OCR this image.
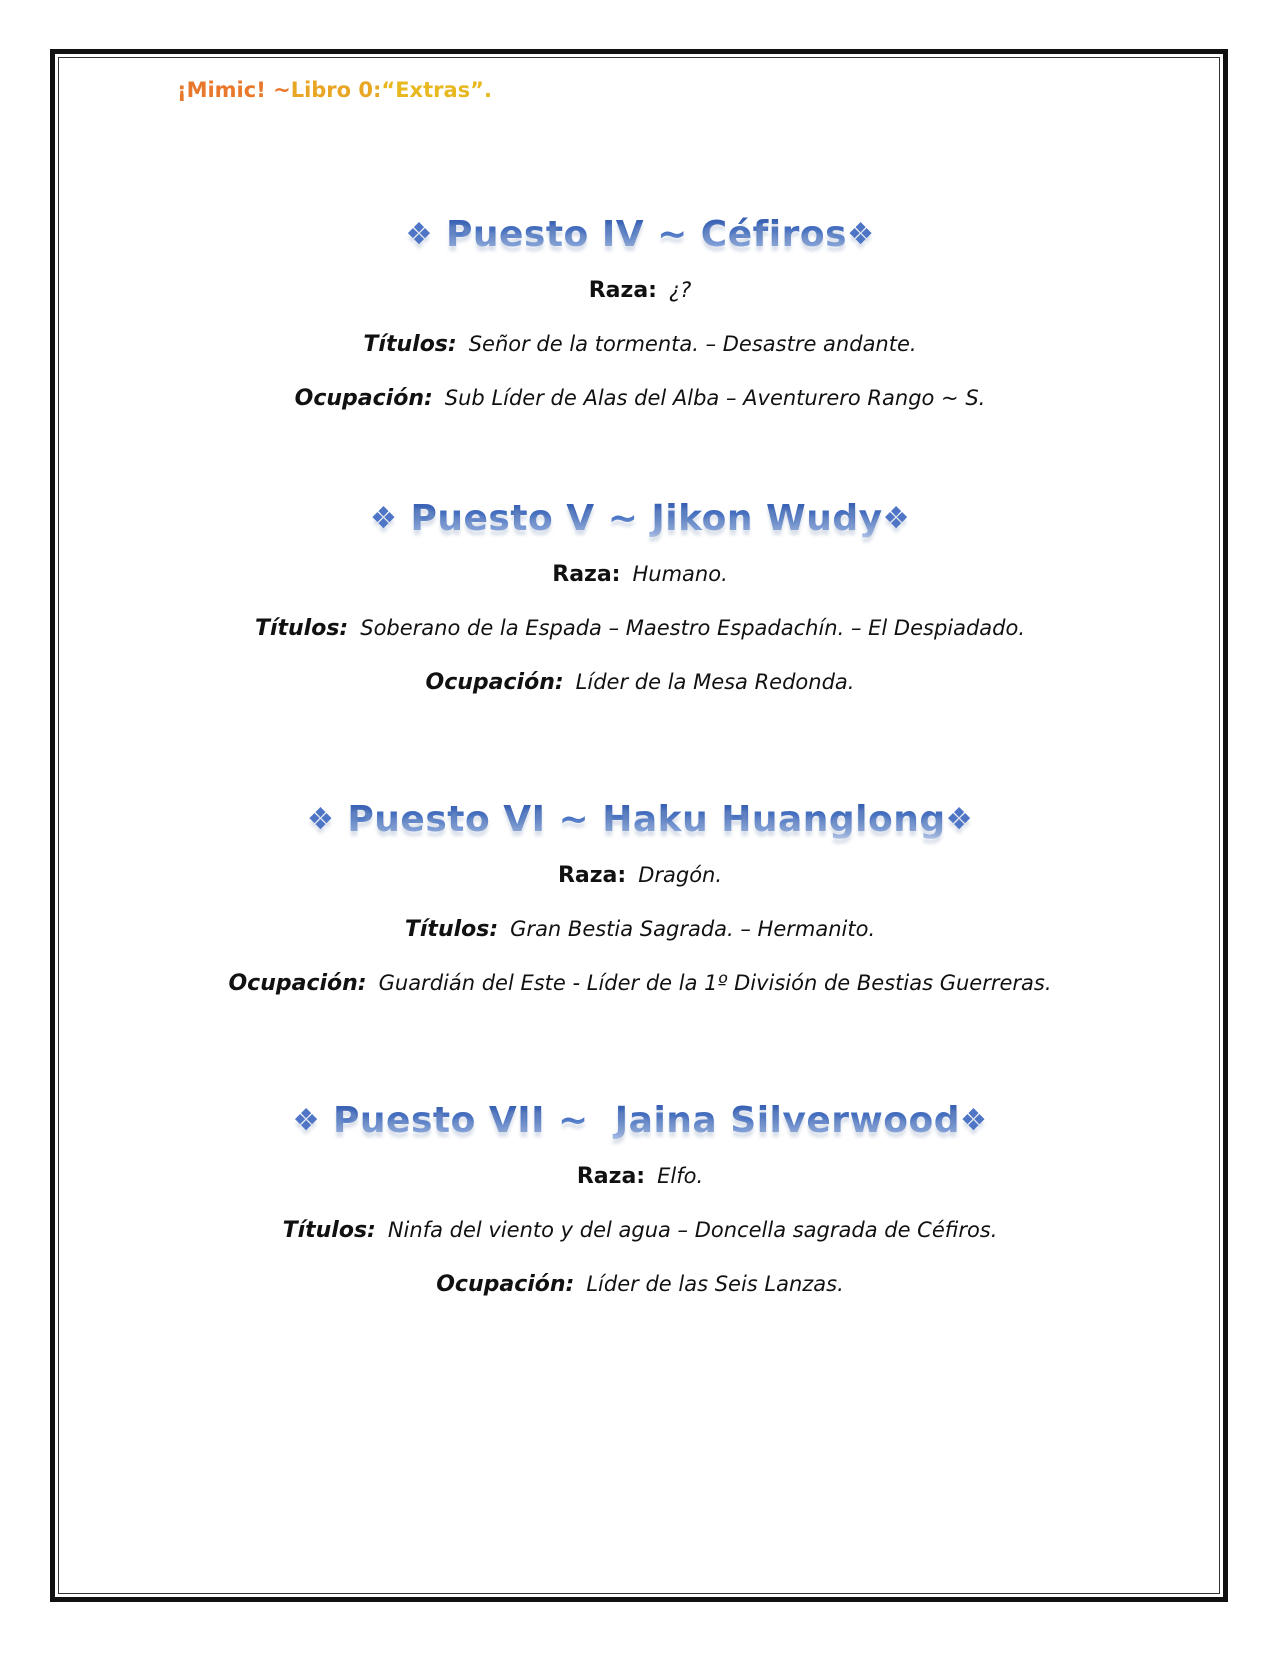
¡Mimic! ~Libro 0:“Extras”.
❖ Puesto IV ~ Céfiros❖
Raza: ¿?
Títulos: Señor de la tormenta. – Desastre andante.
Ocupación: Sub Líder de Alas del Alba – Aventurero Rango ~ S.
❖ Puesto V ~ Jikon Wudy❖
Raza: Humano.
Títulos: Soberano de la Espada – Maestro Espadachín. – El Despiadado.
Ocupación: Líder de la Mesa Redonda.
❖ Puesto VI ~ Haku Huanglong❖
Raza: Dragón.
Títulos: Gran Bestia Sagrada. – Hermanito.
Ocupación: Guardián del Este - Líder de la 1º División de Bestias Guerreras.
❖ Puesto VII ~  Jaina Silverwood❖
Raza: Elfo.
Títulos: Ninfa del viento y del agua – Doncella sagrada de Céfiros.
Ocupación: Líder de las Seis Lanzas.
